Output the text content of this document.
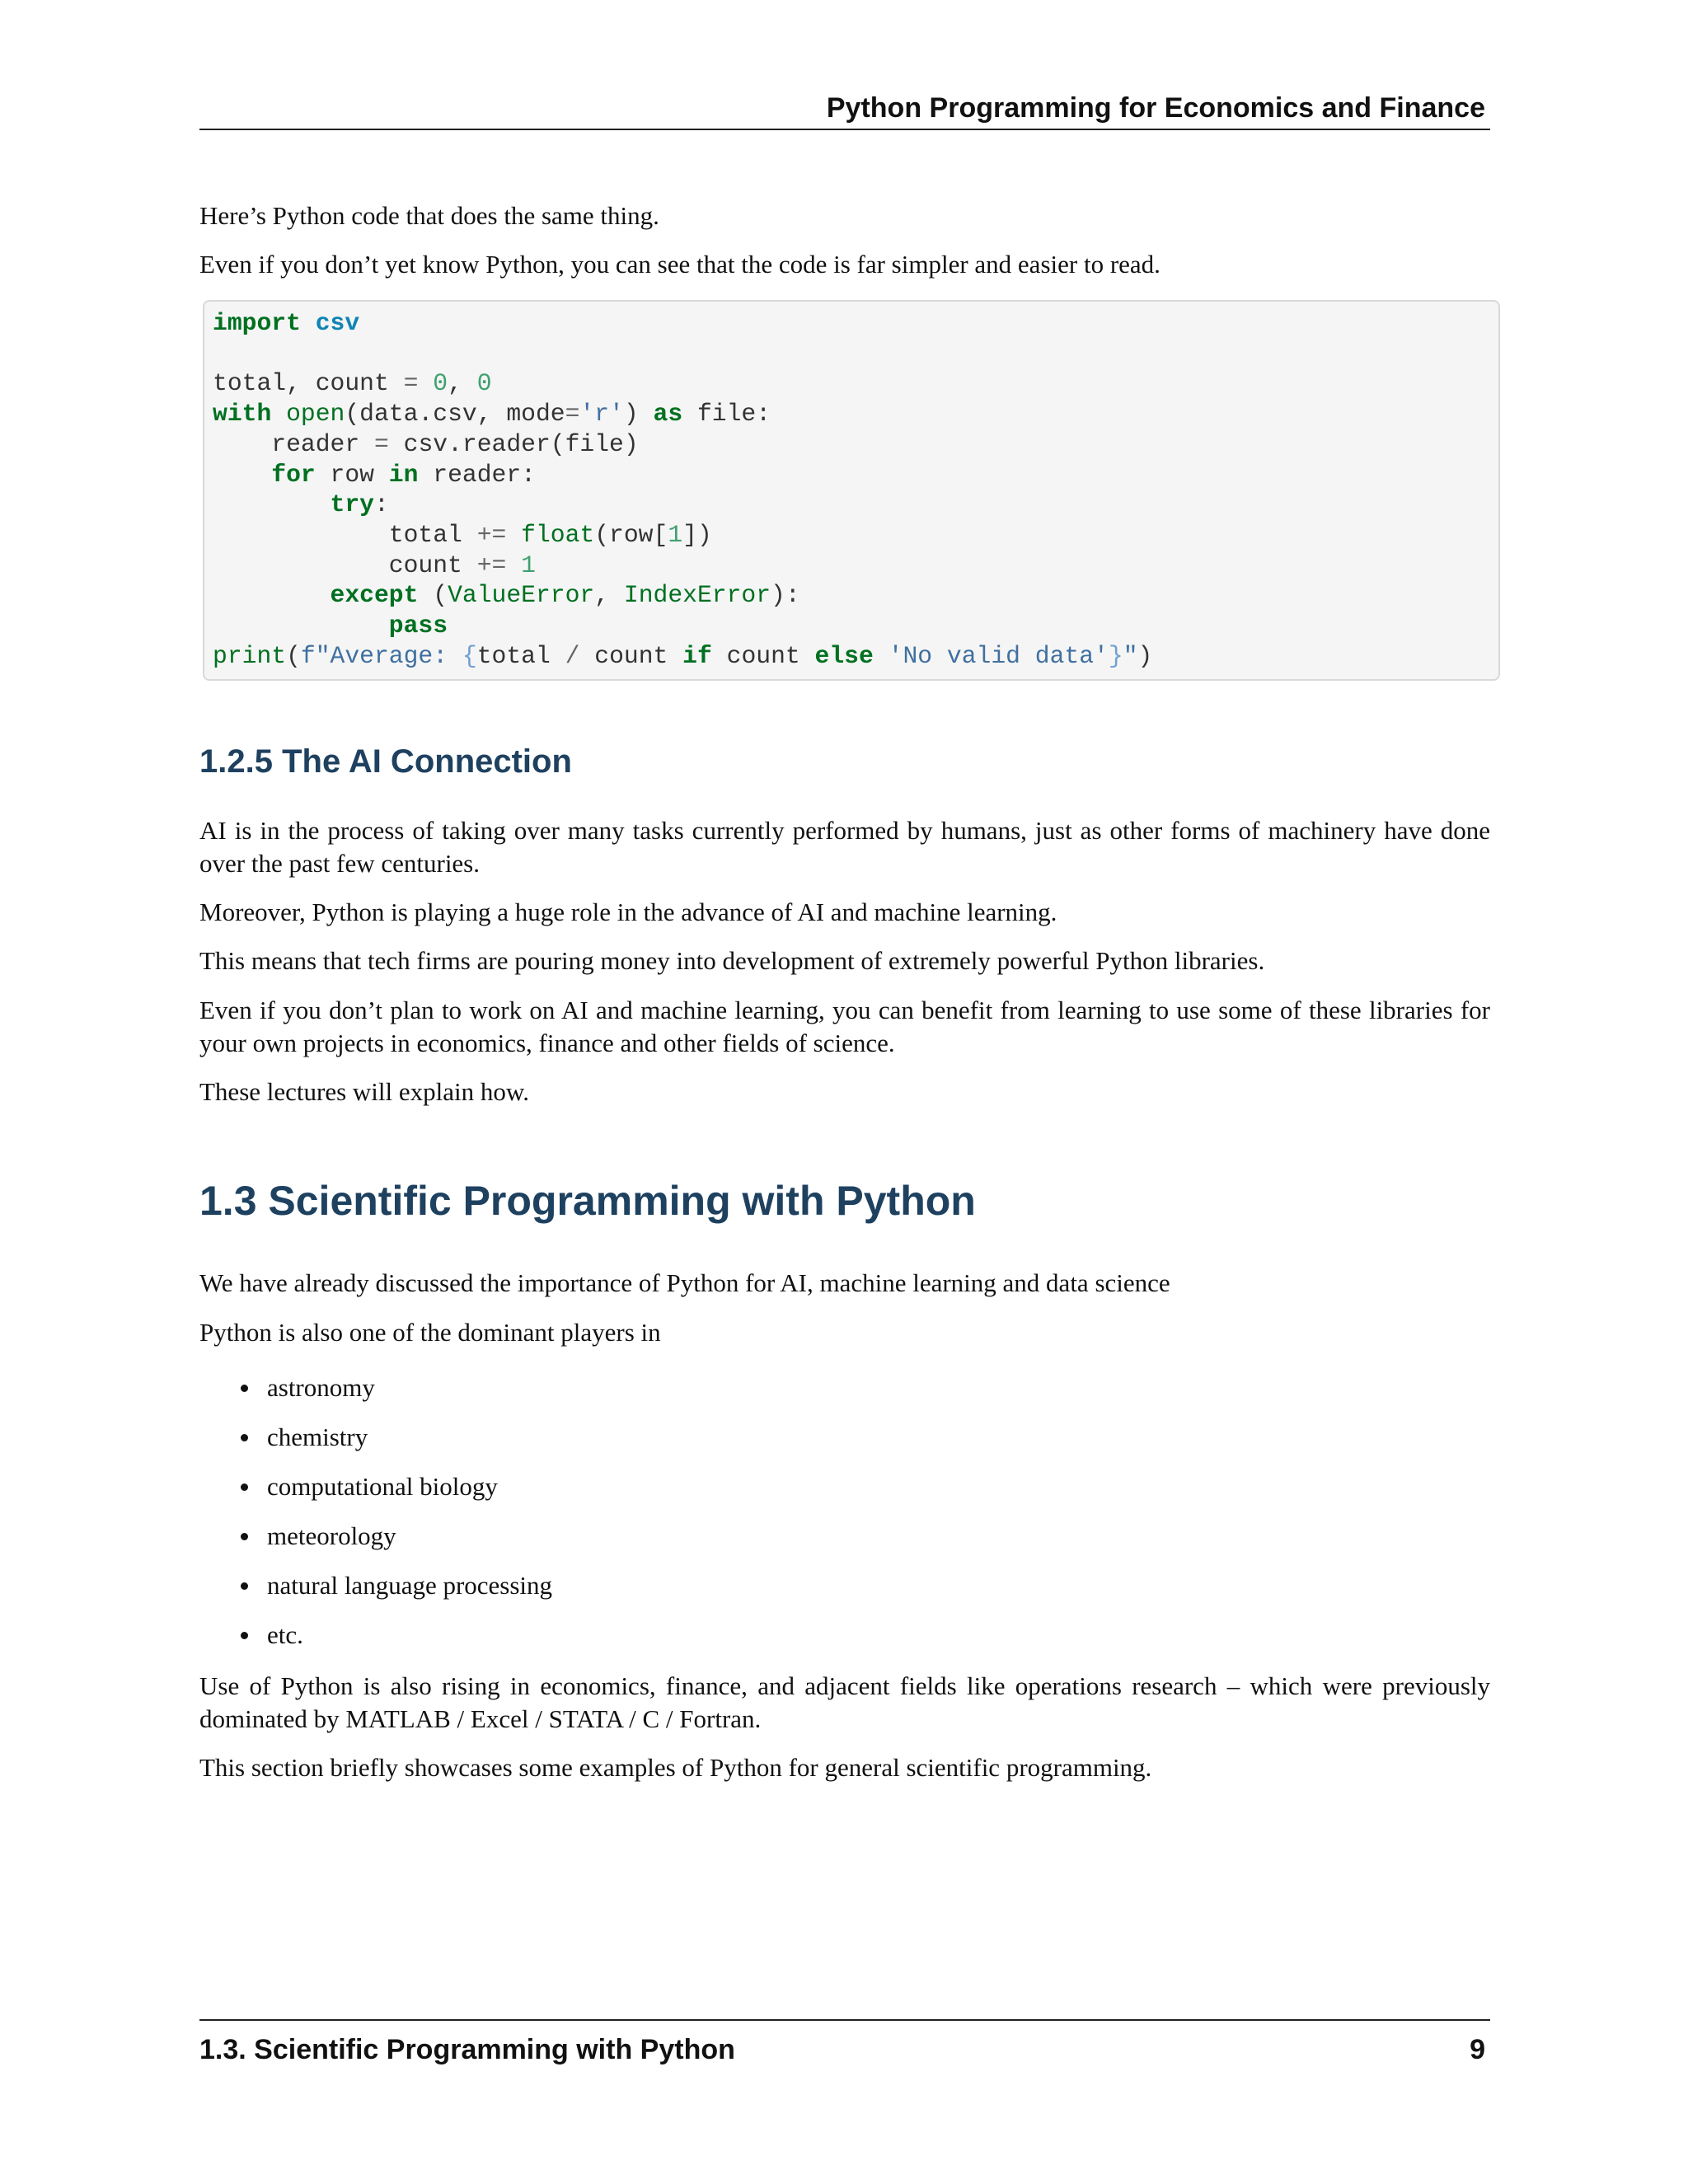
Python Programming for Economics and Finance

Here’s Python code that does the same thing.

Even if you don’t yet know Python, you can see that the code is far simpler and easier to read.

import csv

total, count = 0, 0
with open(data.csv, mode='r') as file:
reader = csv.reader(file)
for row in reader:
try:
total += float(row[1])
count += 1
except (ValueError, IndexError):
pass
print(f"Average: {total / count if count else 'No valid data'}")
1.2.5 The AI Connection

AI is in the process of taking over many tasks currently performed by humans, just as other forms of machinery have done over the past few centuries.

Moreover, Python is playing a huge role in the advance of AI and machine learning.

This means that tech firms are pouring money into development of extremely powerful Python libraries.

Even if you don’t plan to work on AI and machine learning, you can benefit from learning to use some of these libraries for your own projects in economics, finance and other fields of science.

These lectures will explain how.

1.3 Scientific Programming with Python

We have already discussed the importance of Python for AI, machine learning and data science

Python is also one of the dominant players in

astronomy
chemistry
computational biology
meteorology
natural language processing
etc.

Use of Python is also rising in economics, finance, and adjacent fields like operations research – which were previously dominated by MATLAB / Excel / STATA / C / Fortran.

This section briefly showcases some examples of Python for general scientific programming.

1.3. Scientific Programming with Python	9
